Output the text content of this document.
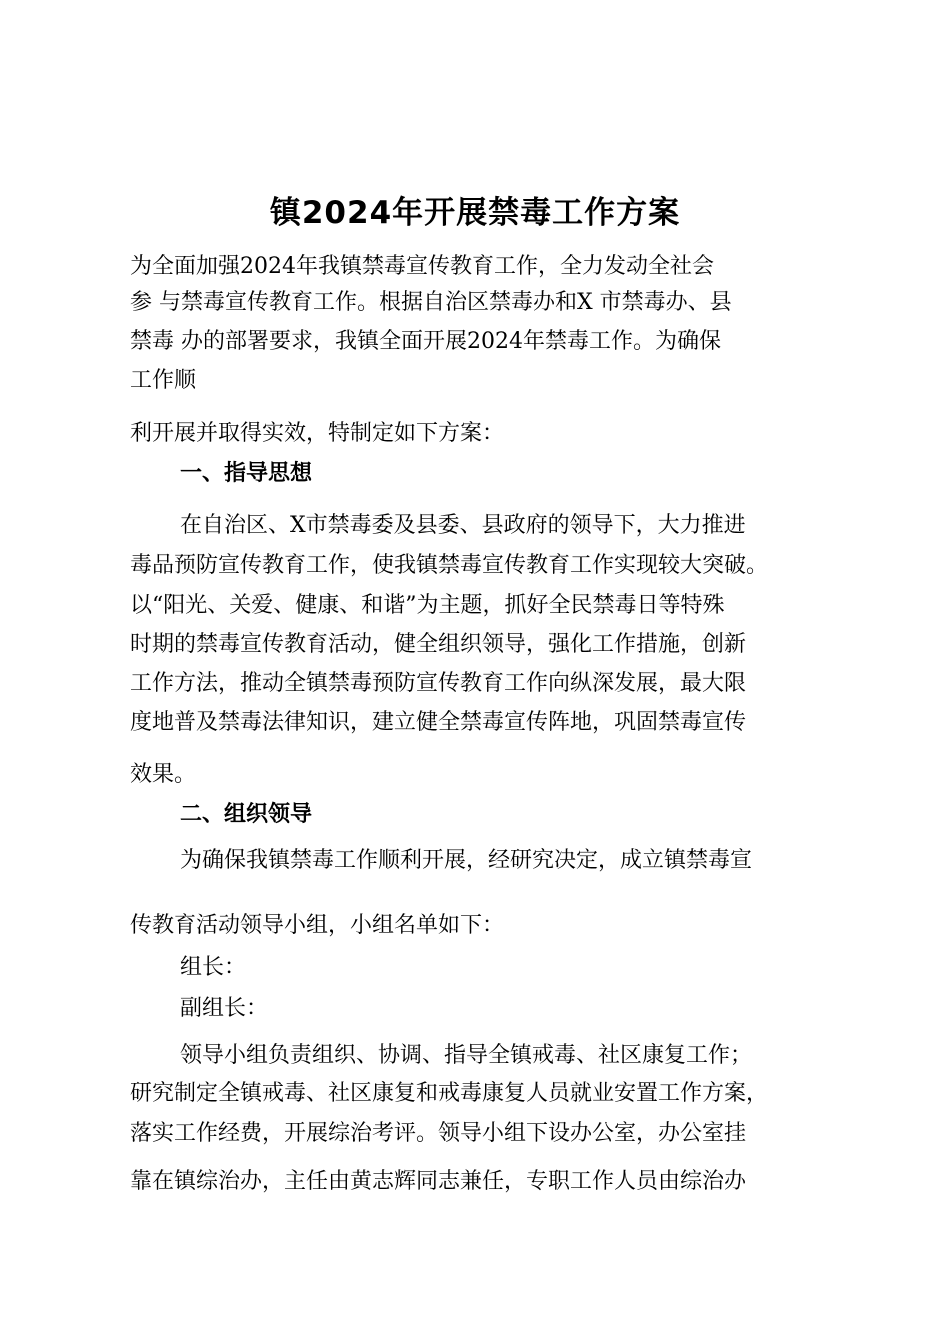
镇2024年开展禁毒工作方案
为全面加强2024年我镇禁毒宣传教育工作，全力发动全社会
参 与禁毒宣传教育工作。根据自治区禁毒办和X 市禁毒办、县
禁毒 办的部署要求，我镇全面开展2024年禁毒工作。为确保
工作顺
利开展并取得实效，特制定如下方案：
一、指导思想
在自治区、X市禁毒委及县委、县政府的领导下，大力推进
毒品预防宣传教育工作，使我镇禁毒宣传教育工作实现较大突破。
以“阳光、关爱、健康、和谐”为主题，抓好全民禁毒日等特殊
时期的禁毒宣传教育活动，健全组织领导，强化工作措施，创新
工作方法，推动全镇禁毒预防宣传教育工作向纵深发展，最大限
度地普及禁毒法律知识，建立健全禁毒宣传阵地，巩固禁毒宣传
效果。
二、组织领导
为确保我镇禁毒工作顺利开展，经研究决定，成立镇禁毒宣
传教育活动领导小组，小组名单如下：
组长：
副组长：
领导小组负责组织、协调、指导全镇戒毒、社区康复工作；
研究制定全镇戒毒、社区康复和戒毒康复人员就业安置工作方案，
落实工作经费，开展综治考评。领导小组下设办公室，办公室挂
靠在镇综治办，主任由黄志辉同志兼任，专职工作人员由综治办
